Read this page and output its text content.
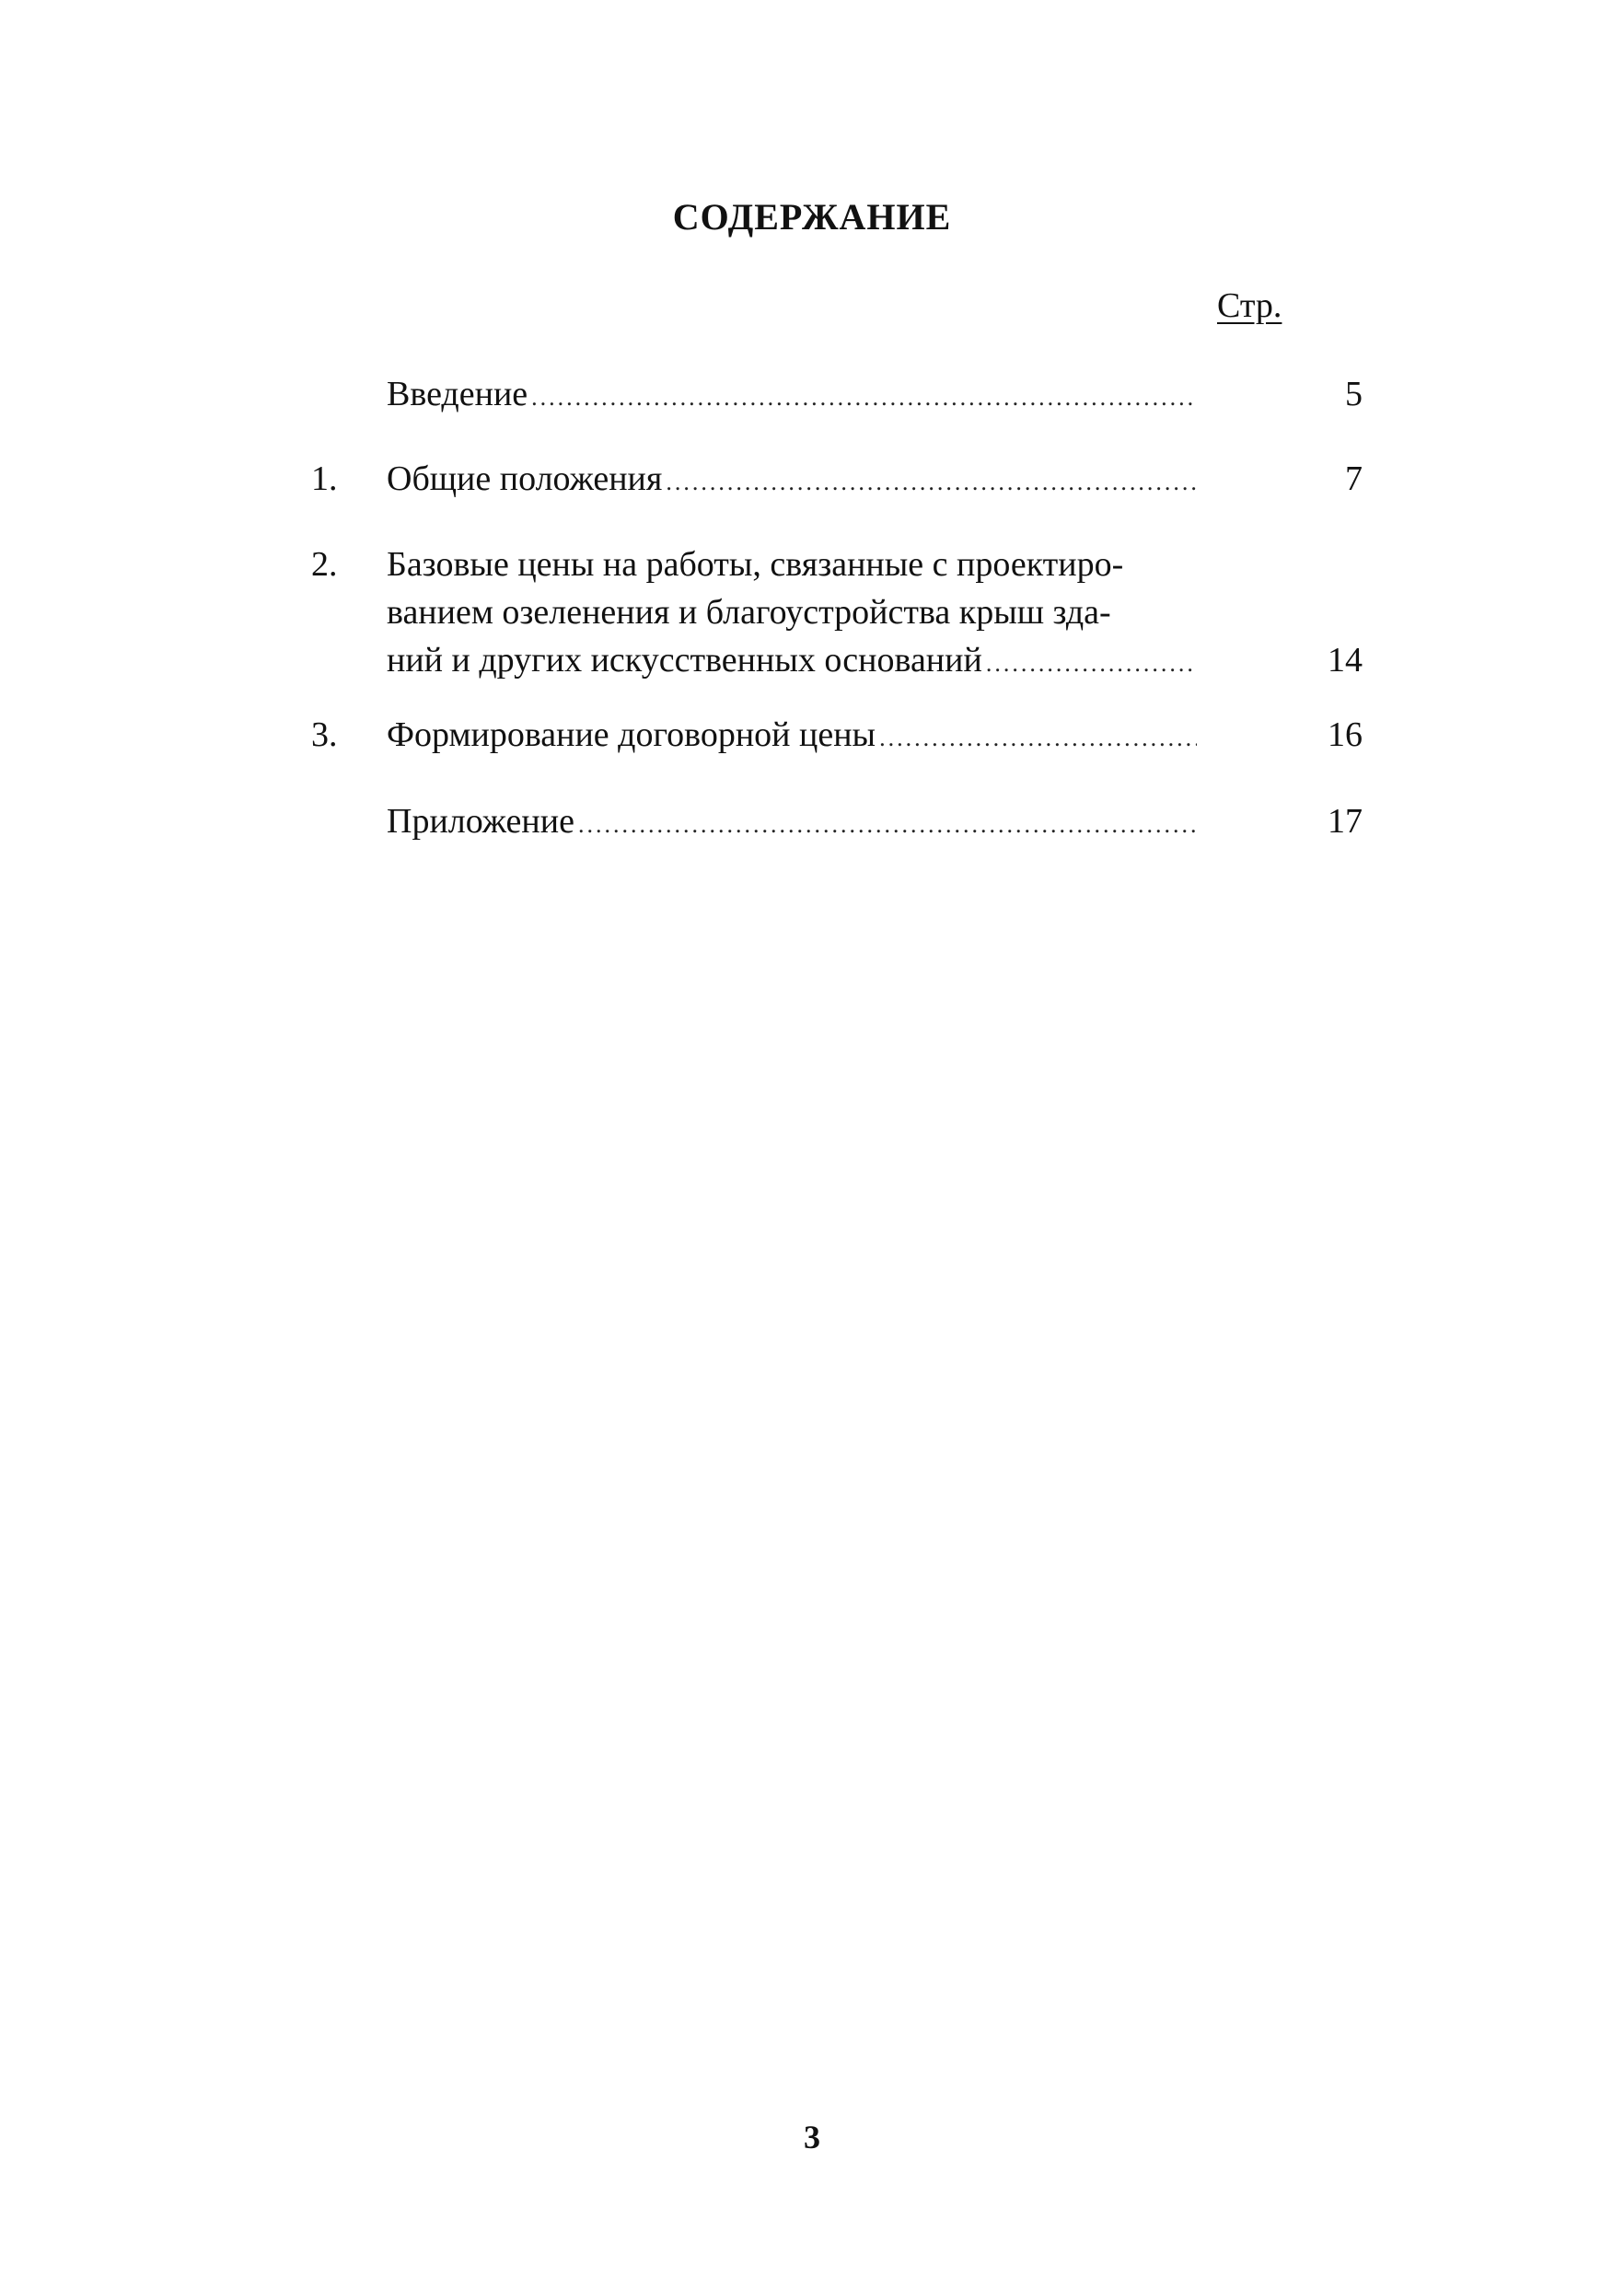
СОДЕРЖАНИЕ
Стр.
Введение .....	5
1. Общие положения .....	7
2. Базовые цены на работы, связанные с проектиро-
ванием озеленения и благоустройства крыш зда-
ний и других искусственных оснований .....	14
3. Формирование договорной цены .....	16
Приложение .....	17
3
